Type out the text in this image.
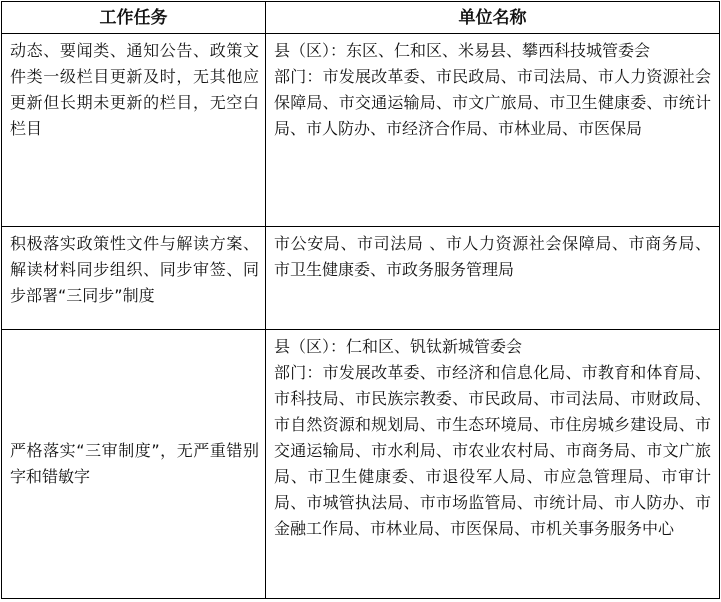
工作任务	单位名称
动态、要闻类、通知公告、政策文件类一级栏目更新及时，无其他应更新但长期未更新的栏目，无空白栏目	县（区）：东区、仁和区、米易县、攀西科技城管委会
部门：市发展改革委、市民政局、市司法局、市人力资源社会保障局、市交通运输局、市文广旅局、市卫生健康委、市统计局、市人防办、市经济合作局、市林业局、市医保局

积极落实政策性文件与解读方案、解读材料同步组织、同步审签、同步部署“三同步”制度	市公安局、市司法局 、市人力资源社会保障局、市商务局、市卫生健康委、市政务服务管理局

严格落实“三审制度”，无严重错别字和错敏字	县（区）：仁和区、钒钛新城管委会
部门：市发展改革委、市经济和信息化局、市教育和体育局、市科技局、市民族宗教委、市民政局、市司法局、市财政局、市自然资源和规划局、市生态环境局、市住房城乡建设局、市交通运输局、市水利局、市农业农村局、市商务局、市文广旅局、市卫生健康委、市退役军人局、市应急管理局、市审计局、市城管执法局、市市场监管局、市统计局、市人防办、市金融工作局、市林业局、市医保局、市机关事务服务中心
